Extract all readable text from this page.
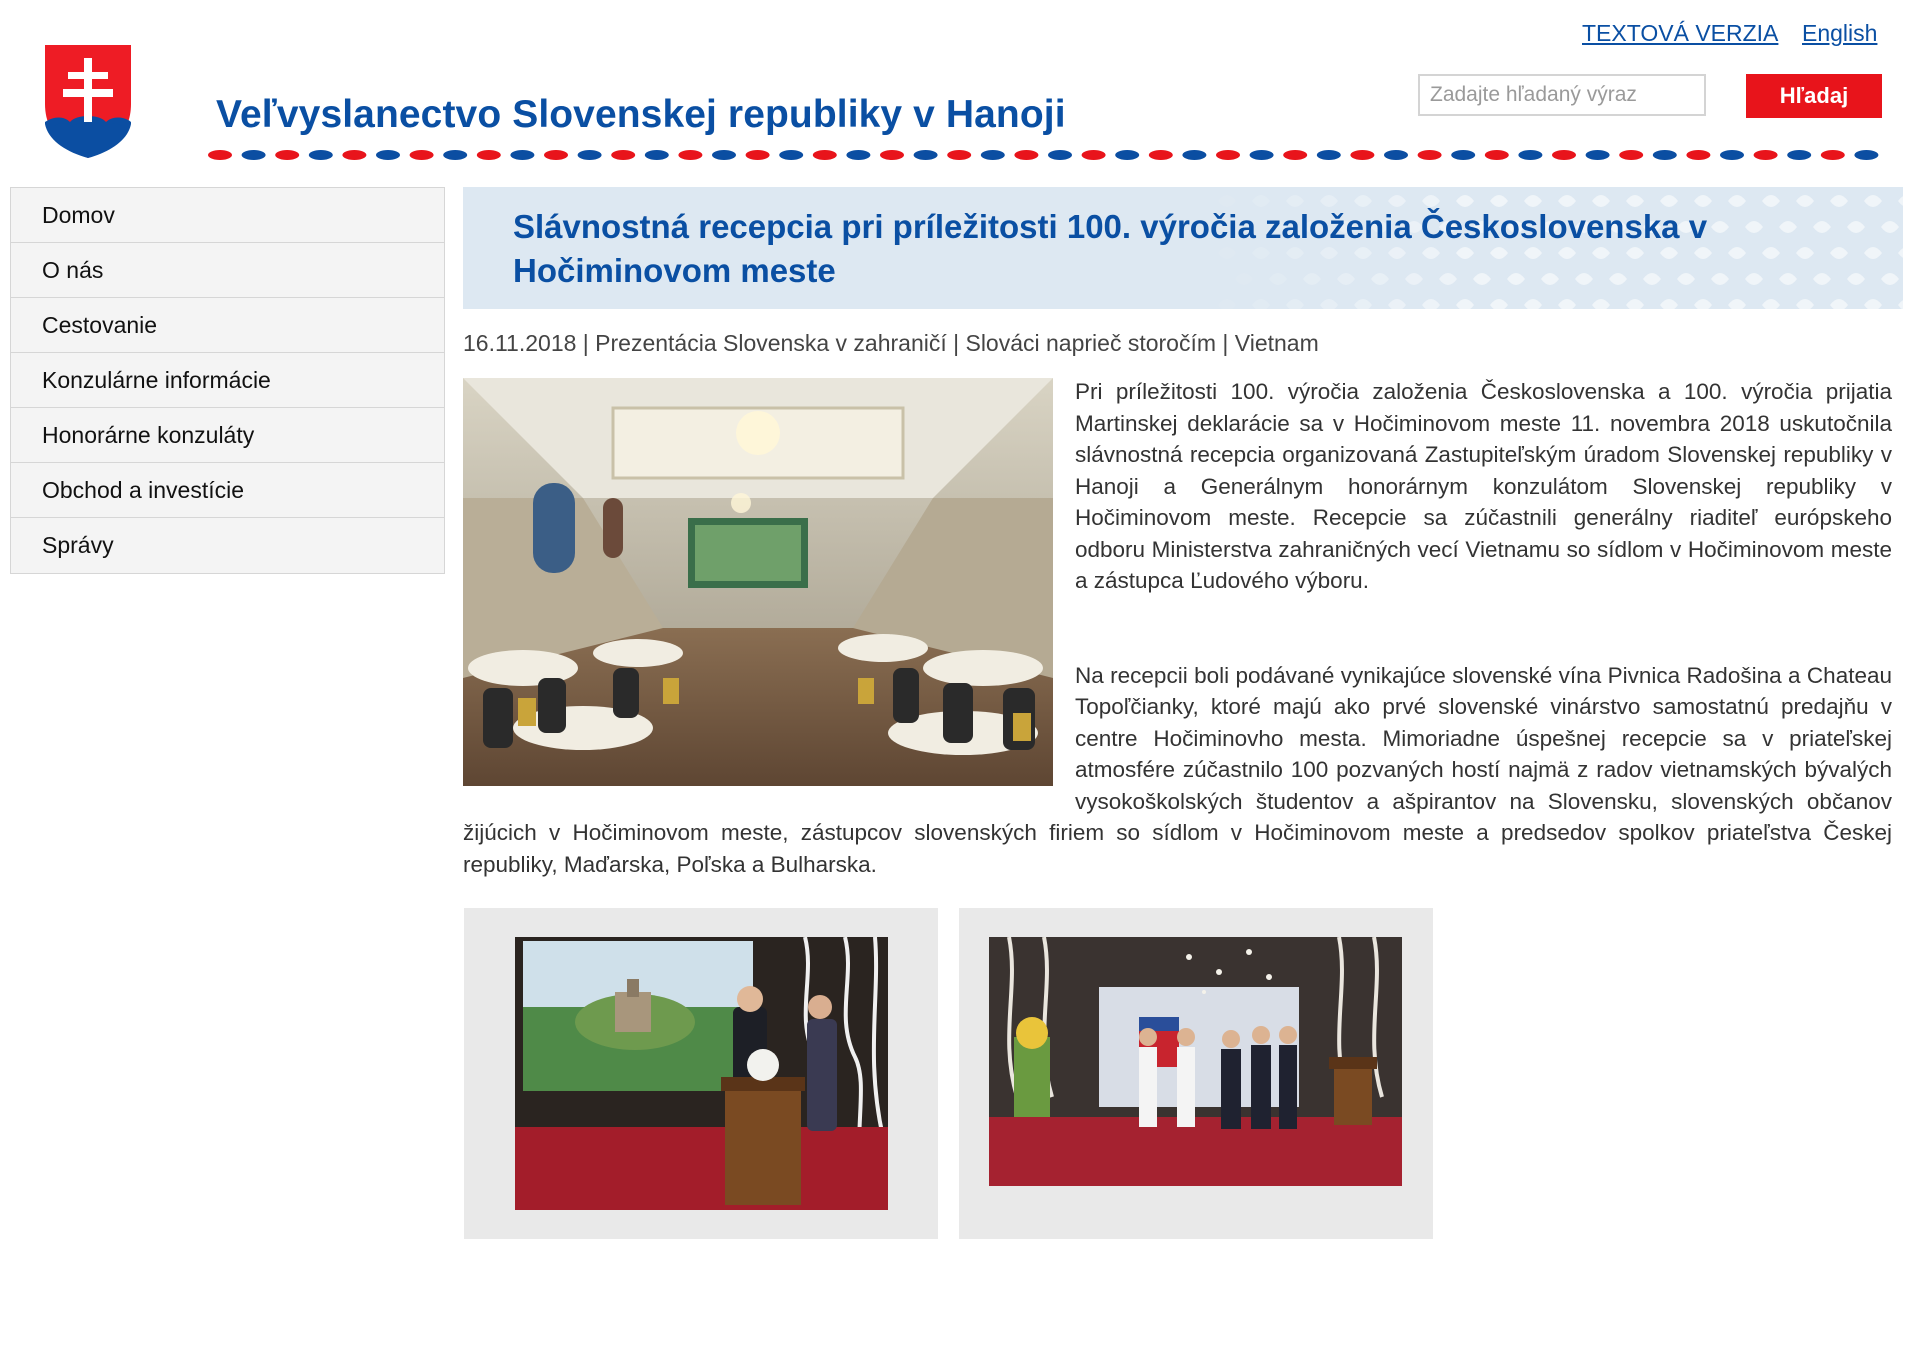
Veľvyslanectvo Slovenskej republiky v Hanoji
TEXTOVÁ VERZIA English
Zadajte hľadaný výraz
Hľadaj
Domov
O nás
Cestovanie
Konzulárne informácie
Honorárne konzuláty
Obchod a investície
Správy
Slávnostná recepcia pri príležitosti 100. výročia založenia Československa v Hočiminovom meste
16.11.2018 | Prezentácia Slovenska v zahraničí | Slováci naprieč storočím | Vietnam

Pri príležitosti 100. výročia založenia Československa a 100. výročia prijatia Martinskej deklarácie sa v Hočiminovom meste 11. novembra 2018 uskutočnila slávnostná recepcia organizovaná Zastupiteľským úradom Slovenskej republiky v Hanoji a Generálnym honorárnym konzulátom Slovenskej republiky v Hočiminovom meste. Recepcie sa zúčastnili generálny riaditeľ európskeho odboru Ministerstva zahraničných vecí Vietnamu so sídlom v Hočiminovom meste a zástupca Ľudového výboru.

Na recepcii boli podávané vynikajúce slovenské vína Pivnica Radošina a Chateau Topoľčianky, ktoré majú ako prvé slovenské vinárstvo samostatnú predajňu v centre Hočiminovho mesta. Mimoriadne úspešnej recepcie sa v priateľskej atmosfére zúčastnilo 100 pozvaných hostí najmä z radov vietnamských bývalých vysokoškolských študentov a ašpirantov na Slovensku, slovenských občanov žijúcich v Hočiminovom meste, zástupcov slovenských firiem so sídlom v Hočiminovom meste a predsedov spolkov priateľstva Českej republiky, Maďarska, Poľska a Bulharska.
